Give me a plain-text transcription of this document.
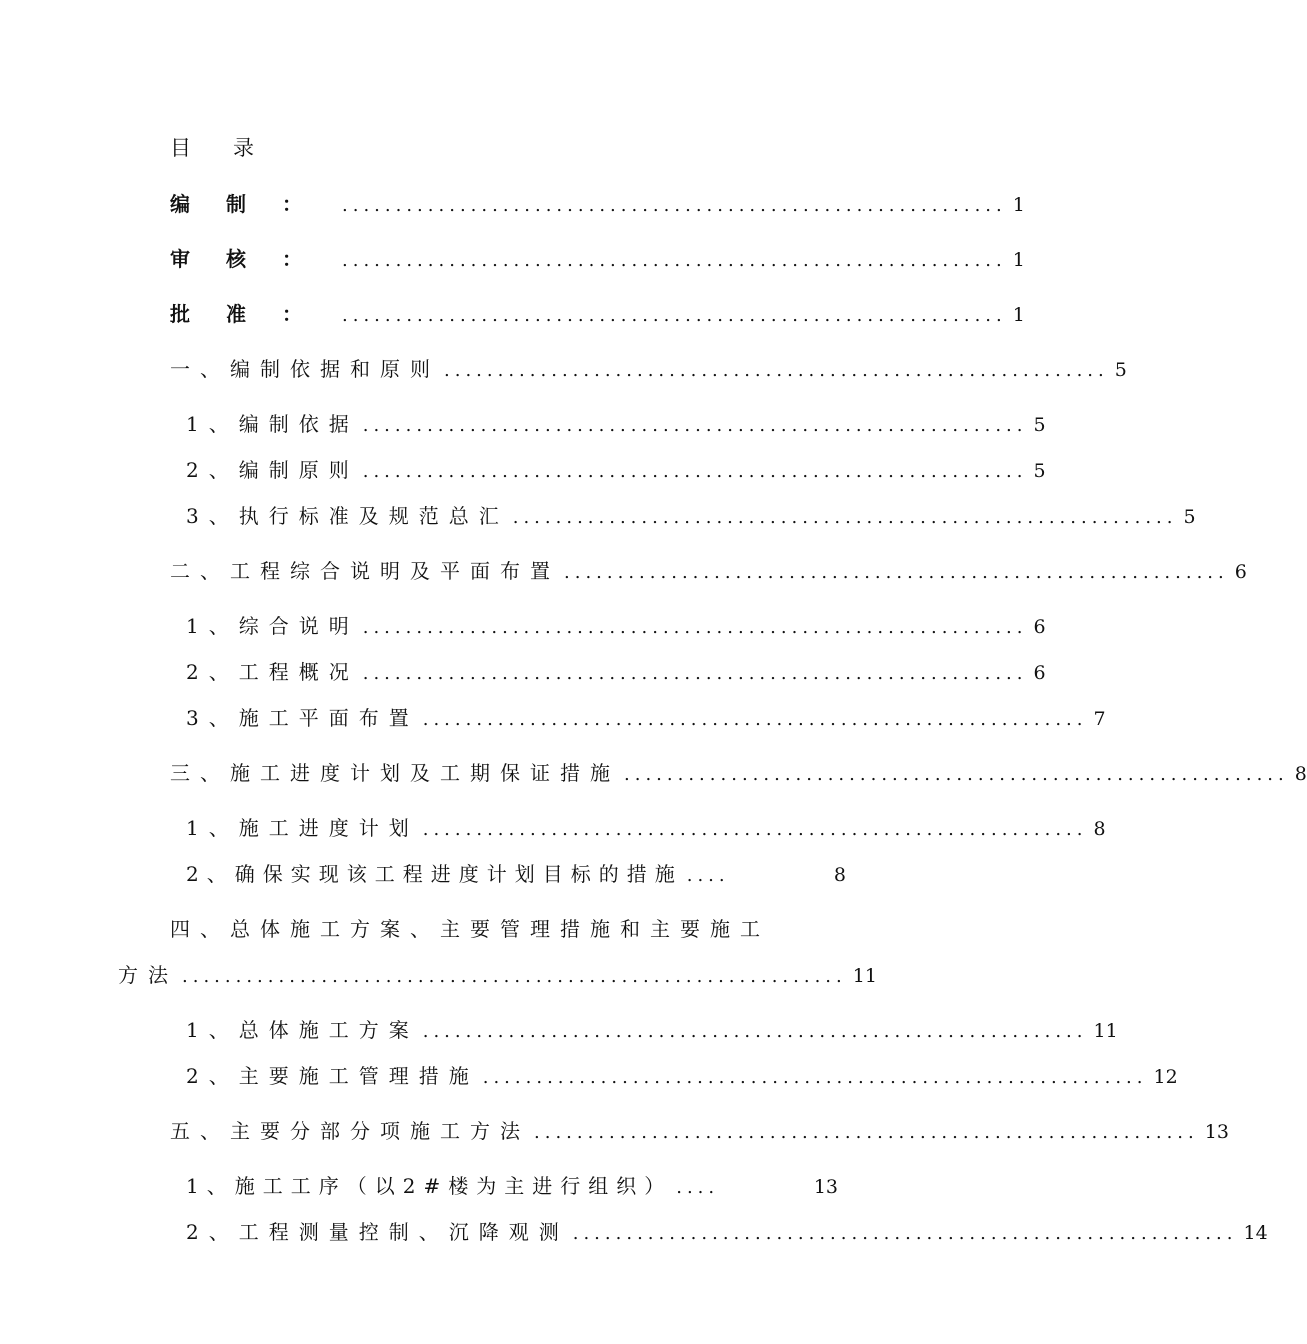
目 录
编制： .............................................................. 1
审核： .............................................................. 1
批准： .............................................................. 1
一、编制依据和原则 .............................................................. 5
1、编制依据 .............................................................. 5
2、编制原则 .............................................................. 5
3、执行标准及规范总汇 .............................................................. 5
二、工程综合说明及平面布置 .............................................................. 6
1、综合说明 .............................................................. 6
2、工程概况 .............................................................. 6
3、施工平面布置 .............................................................. 7
三、施工进度计划及工期保证措施 .............................................................. 8
1、施工进度计划 .............................................................. 8
2、确保实现该工程进度计划目标的措施 ....	8
四、总体施工方案、主要管理措施和主要施工
方法 .............................................................. 11
1、总体施工方案 .............................................................. 11
2、主要施工管理措施 .............................................................. 12
五、主要分部分项施工方法 .............................................................. 13
1、施工工序（以2#楼为主进行组织） ....	13
2、工程测量控制、沉降观测 .............................................................. 14
